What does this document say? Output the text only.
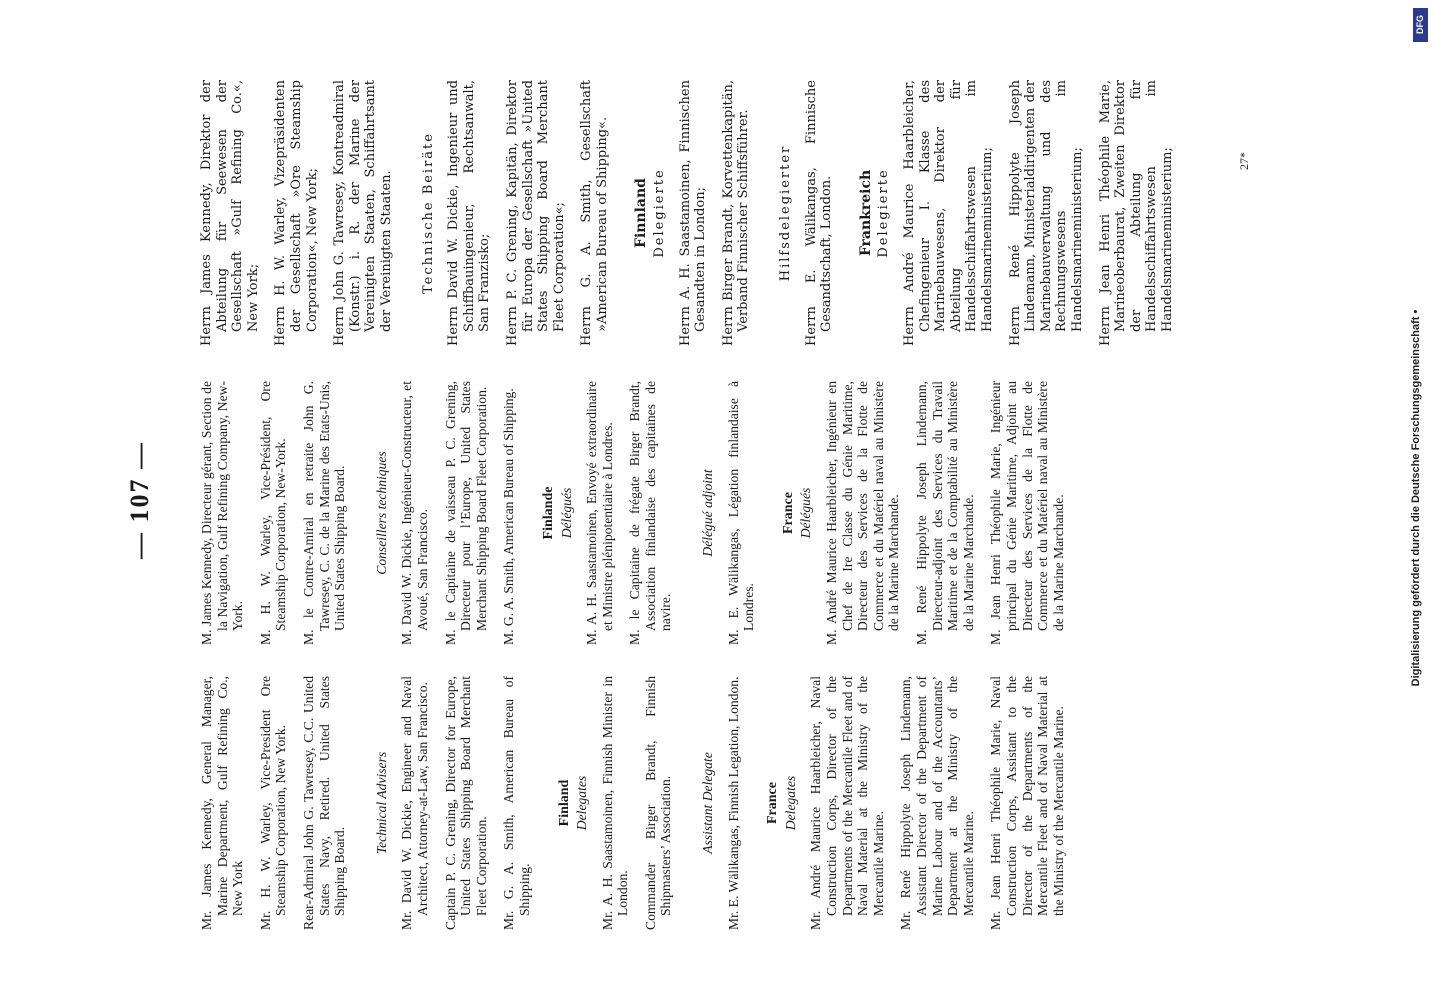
— 107 —

Mr. James Kennedy, General Manager, Marine Department, Gulf Refining Co., New York Mr. H. W. Warley, Vice-President Ore Steamship Corporation, New York. Rear-Admiral John G. Tawresey, C.C. United States Navy, Retired. United States Shipping Board.

Technical Advisers Mr. David W. Dickie, Engineer and Naval Architect, Attorney-at-Law, San Francisco. Captain P. C. Grening, Director for Europe, United States Shipping Board Merchant Fleet Corporation. Mr. G. A. Smith, American Bureau of Shipping.

Finland Delegates Mr. A. H. Saastamoinen, Finnish Minister in London. Commander Birger Brandt, Finnish Shipmasters’ Association. Assistant Delegate Mr. E. Wälikangas, Finnish Legation, London. France Delegates Mr. André Maurice Haarbleicher, Naval Construction Corps, Director of the Departments of the Mercantile Fleet and of Naval Material at the Ministry of the Mercantile Marine. Mr. René Hippolyte Joseph Lindemann, Assistant Director of the Department of Marine Labour and of the Accountants’ Department at the Ministry of the Mercantile Marine. Mr. Jean Henri Théophile Marie, Naval Construction Corps, Assistant to the Director of the Departments of the Mercantile Fleet and of Naval Material at the Ministry of the Mercantile Marine.

M. James Kennedy, Directeur gérant, Section de la Navigation, Gulf Refining Company, New-York. M. H. W. Warley, Vice-Président, Ore Steamship Corporation, New-York. M. le Contre-Amiral en retraite John G. Tawresey, C. C. de la Marine des Etats-Unis, United States Shipping Board. Conseillers techniques M. David W. Dickie, Ingénieur-Constructeur, et Avoué, San Francisco. M. le Capitaine de vaisseau P. C. Grening, Directeur pour l’Europe, United States Merchant Shipping Board Fleet Corporation. M. G. A. Smith, American Bureau of Shipping. Finlande Délégués M. A. H. Saastamoinen, Envoyé extraordinaire et Ministre plénipotentiaire à Londres. M. le Capitaine de frégate Birger Brandt, Association finlandaise des capitaines de navire.

Délégué adjoint M. E. Wälikangas, Légation finlandaise à Londres.

France Délégués M. André Maurice Haarbleicher, Ingénieur en Chef de Ire Classe du Génie Maritime, Directeur des Services de la Flotte de Commerce et du Matériel naval au Ministère de la Marine Marchande. M. René Hippolyte Joseph Lindemann, Directeur-adjoint des Services du Travail Maritime et de la Comptabilité au Ministère de la Marine Marchande. M. Jean Henri Théophile Marie, Ingénieur principal du Génie Maritime, Adjoint au Directeur des Services de la Flotte de Commerce et du Matériel naval au Ministère de la Marine Marchande.

Herrn James Kennedy, Direktor der Abteilung für Seewesen der Gesellschaft »Gulf Refining Co.«, New York; Herrn H. W. Warley, Vizepräsidenten der Gesellschaft »Ore Steamship Corporation«, New York; Herrn John G. Tawresey, Kontreadmiral (Konstr.) i. R. der Marine der Vereinigten Staaten, Schiffahrtsamt der Vereinigten Staaten. Technische Beiräte Herrn David W. Dickie, Ingenieur und Schiffbauingenieur, Rechtsanwalt, San Franzisko; Herrn P. C. Grening, Kapitän, Direktor für Europa der Gesellschaft »United States Shipping Board Merchant Fleet Corporation«; Herrn G. A. Smith, Gesellschaft »American Bureau of Shipping«. Finnland Delegierte Herrn A. H. Saastamoinen, Finnischen Gesandten in London; Herrn Birger Brandt, Korvettenkapitän, Verband Finnischer Schiffsführer. Hilfsdelegierter Herrn E. Wälikangas, Finnische Gesandtschaft, London. Frankreich Delegierte Herrn André Maurice Haarbleicher, Chefingenieur I. Klasse des Marinebauwesens, Direktor der Abteilung für Handelsschiffahrtswesen im Handelsmarineministerium; Herrn René Hippolyte Joseph Lindemann, Ministerialdirigenten der Marinebauverwaltung und des Rechnungswesens im Handelsmarineministerium; Herrn Jean Henri Théophile Marie, Marineoberbaurat, Zweiten Direktor der Abteilung für Handelsschiffahrtswesen im Handelsmarineministerium;	27*
DFG
Digitalisierung gefördert durch die Deutsche Forschungsgemeinschaft •
